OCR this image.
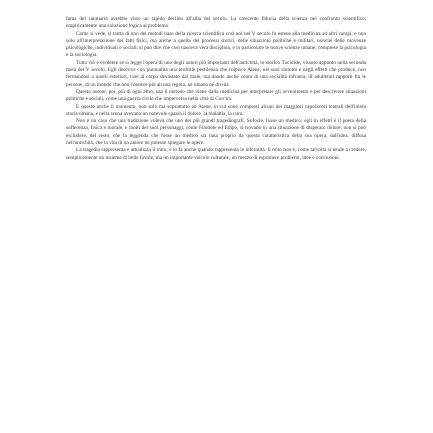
fama del santuario avrebbe visto un rapido declino all'alba del secolo. La crescente fiducia della scienza nel confronto scientifico, empiricamente una soluzione logica al problema.

Come si vede, si tratta di uno dei metodi base della ricerca scientifica così noi nel V secolo fu esteso alla medicina ad altri campi, e non solo all'interpretazione dei fatti fisici, ma anche a quella dei processi storici, delle situazioni politiche e militari, nonché delle movenze psicologiche, individuali e sociali: si può dire che così nasceva vera disciplina, e in particolare le nuove scienze umane, comprese la psicologia e la sociologia.

Tutto ciò è evidente se si legge l'opera di uno degli autori più importanti dell'antichità, lo storico Tucidide, vissuto appunto nella seconda metà del V secolo. Egli descrive con puntualità una terribile pestilenza che colpisce Atene, nei suoi sintomi e negli effetti che produce, non fermandosi a quelli esteriori, cioè al corpo devastato dal male, ma dando anche conto di una socialità infranta, di adulterati rapporti fra le persone, di un mondo che non conosce più alcuna regola, né umana né divina.

Questo autore, poi, più di ogni altro, usa il metodo che viene dalla medicina per interpretare gli avvenimenti e per descrivere situazioni politiche e sociali, come una guerra civile che imperversa nella città di Corcira.

E questo anche il momento, non solo ma soprattutto ad Atene, in cui sono composti alcuni dei maggiori capolavori teatrali dell'intera storia umana, e nella scena avevano un notevole spazio il dolore, la malattia, la cura.

Non è un caso che una tradizione voleva che uno dei più grandi tragediografi, Sofocle, fosse un medico: egli in effetti è il poeta della sofferenza, fisica e morale, e molti dei suoi personaggi, come Filottete ed Edipo, si trovano in una situazione di disperato dolore; non si può escludere, del resto, che la leggenda che fosse un medico sia nata proprio da questa caratteristica della sua opera, dall'idea, diffusa nell'antichità, che la vita di un autore ne potesse spiegare le opere.

La tragedia rappresenta e attualizza il mito, e lo fa anche quando rappresenta le infermità. Il mito non è, come talvolta si tende a credere, semplicemente un insieme di belle favole, ma un importante veicolo culturale, un mezzo di esprimere problemi, idee e concezioni.
